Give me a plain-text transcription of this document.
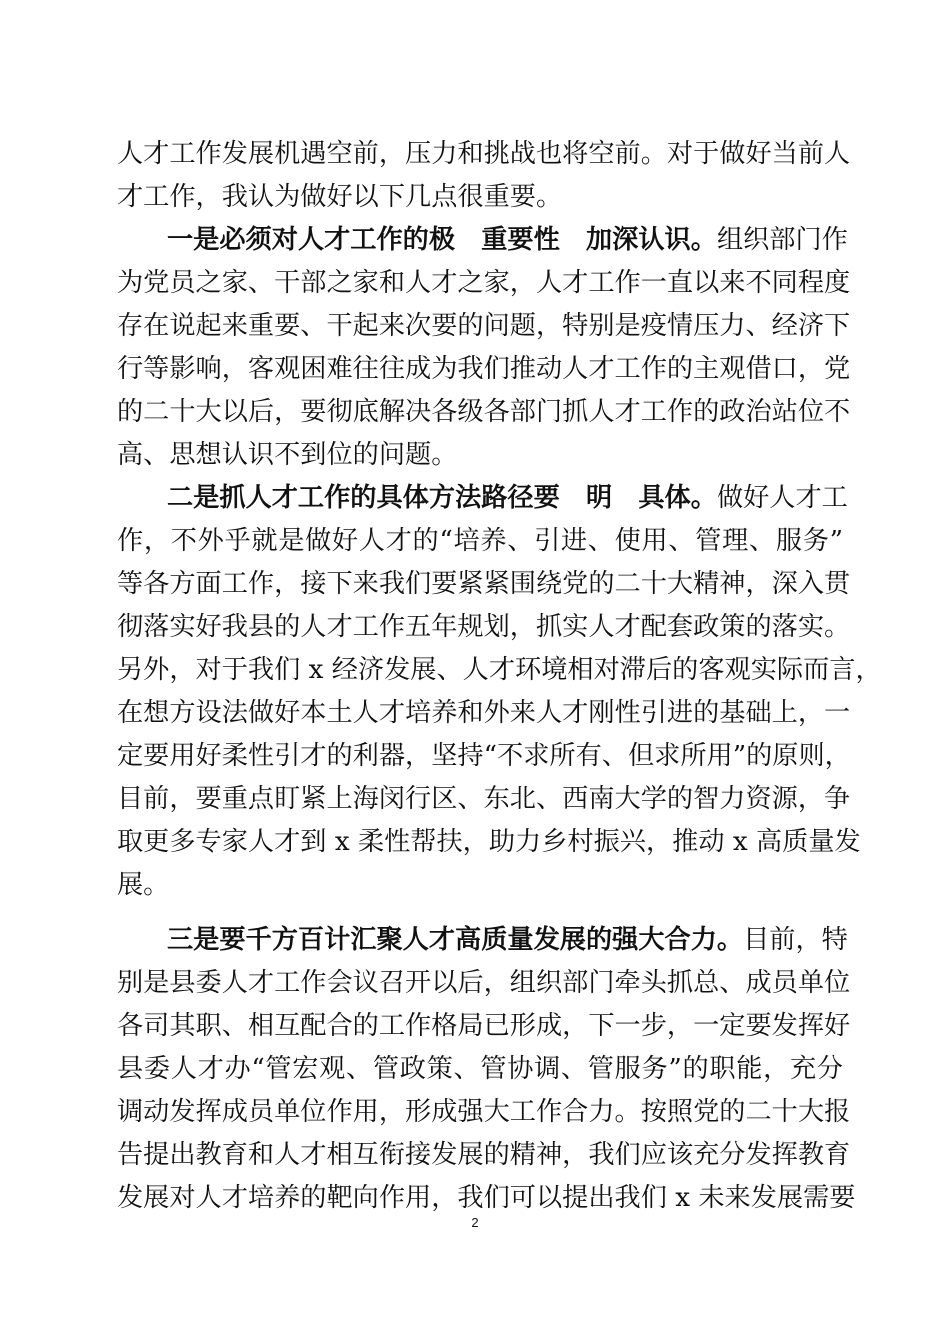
人才工作发展机遇空前，压力和挑战也将空前。对于做好当前人
才工作，我认为做好以下几点很重要。
一是必须对人才工作的极　重要性　加深认识。组织部门作
为党员之家、干部之家和人才之家，人才工作一直以来不同程度
存在说起来重要、干起来次要的问题，特别是疫情压力、经济下
行等影响，客观困难往往成为我们推动人才工作的主观借口，党
的二十大以后，要彻底解决各级各部门抓人才工作的政治站位不
高、思想认识不到位的问题。
二是抓人才工作的具体方法路径要　明　具体。做好人才工
作，不外乎就是做好人才的“培养、引进、使用、管理、服务”
等各方面工作，接下来我们要紧紧围绕党的二十大精神，深入贯
彻落实好我县的人才工作五年规划，抓实人才配套政策的落实。
另外，对于我们 x 经济发展、人才环境相对滞后的客观实际而言，
在想方设法做好本土人才培养和外来人才刚性引进的基础上，一
定要用好柔性引才的利器，坚持“不求所有、但求所用”的原则，
目前，要重点盯紧上海闵行区、东北、西南大学的智力资源，争
取更多专家人才到 x 柔性帮扶，助力乡村振兴，推动 x 高质量发
展。
三是要千方百计汇聚人才高质量发展的强大合力。目前，特
别是县委人才工作会议召开以后，组织部门牵头抓总、成员单位
各司其职、相互配合的工作格局已形成，下一步，一定要发挥好
县委人才办“管宏观、管政策、管协调、管服务”的职能，充分
调动发挥成员单位作用，形成强大工作合力。按照党的二十大报
告提出教育和人才相互衔接发展的精神，我们应该充分发挥教育
发展对人才培养的靶向作用，我们可以提出我们 x 未来发展需要
2
